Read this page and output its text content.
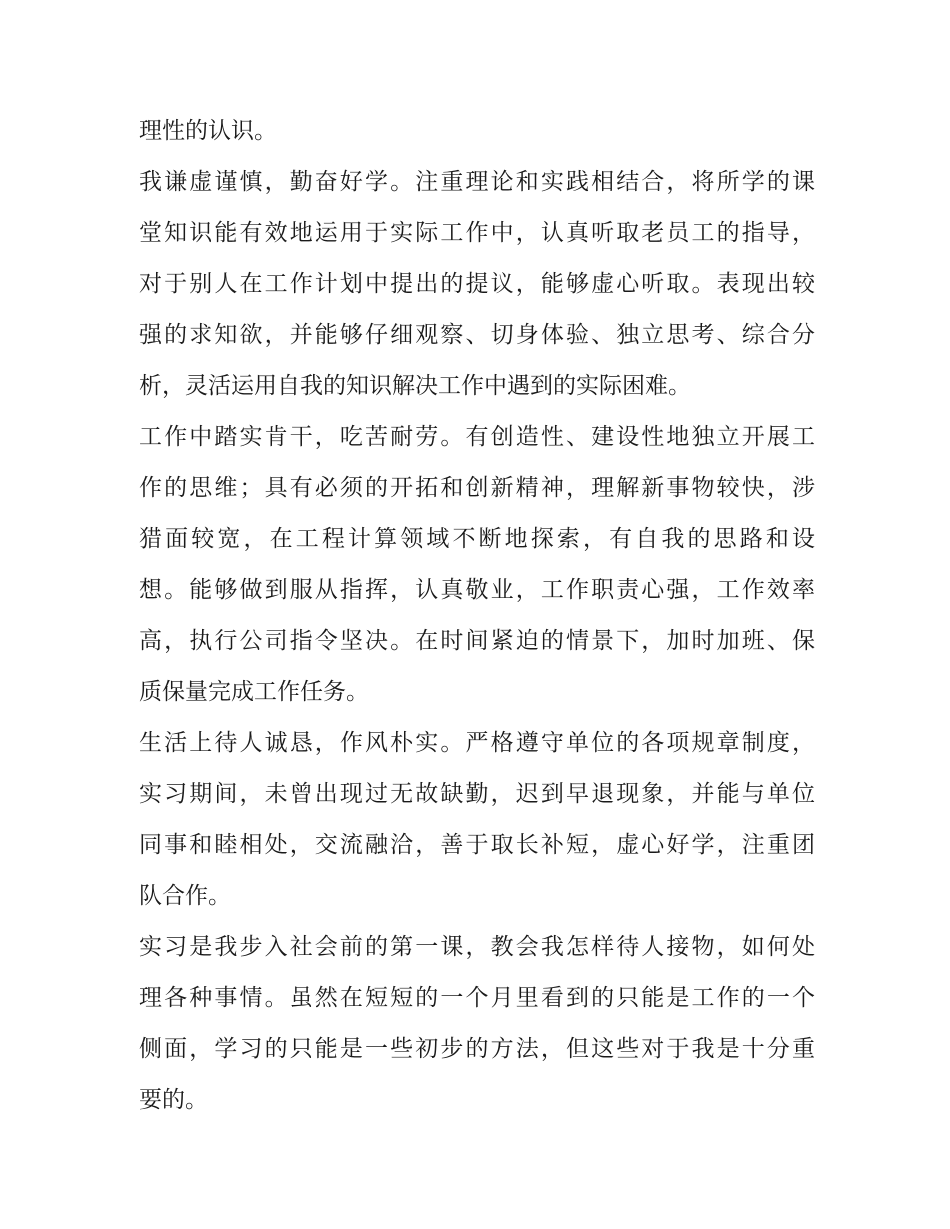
理性的认识。
我谦虚谨慎，勤奋好学。注重理论和实践相结合，将所学的课
堂知识能有效地运用于实际工作中，认真听取老员工的指导，
对于别人在工作计划中提出的提议，能够虚心听取。表现出较
强的求知欲，并能够仔细观察、切身体验、独立思考、综合分
析，灵活运用自我的知识解决工作中遇到的实际困难。
工作中踏实肯干，吃苦耐劳。有创造性、建设性地独立开展工
作的思维；具有必须的开拓和创新精神，理解新事物较快，涉
猎面较宽，在工程计算领域不断地探索，有自我的思路和设
想。能够做到服从指挥，认真敬业，工作职责心强，工作效率
高，执行公司指令坚决。在时间紧迫的情景下，加时加班、保
质保量完成工作任务。
生活上待人诚恳，作风朴实。严格遵守单位的各项规章制度，
实习期间，未曾出现过无故缺勤，迟到早退现象，并能与单位
同事和睦相处，交流融洽，善于取长补短，虚心好学，注重团
队合作。
实习是我步入社会前的第一课，教会我怎样待人接物，如何处
理各种事情。虽然在短短的一个月里看到的只能是工作的一个
侧面，学习的只能是一些初步的方法，但这些对于我是十分重
要的。
